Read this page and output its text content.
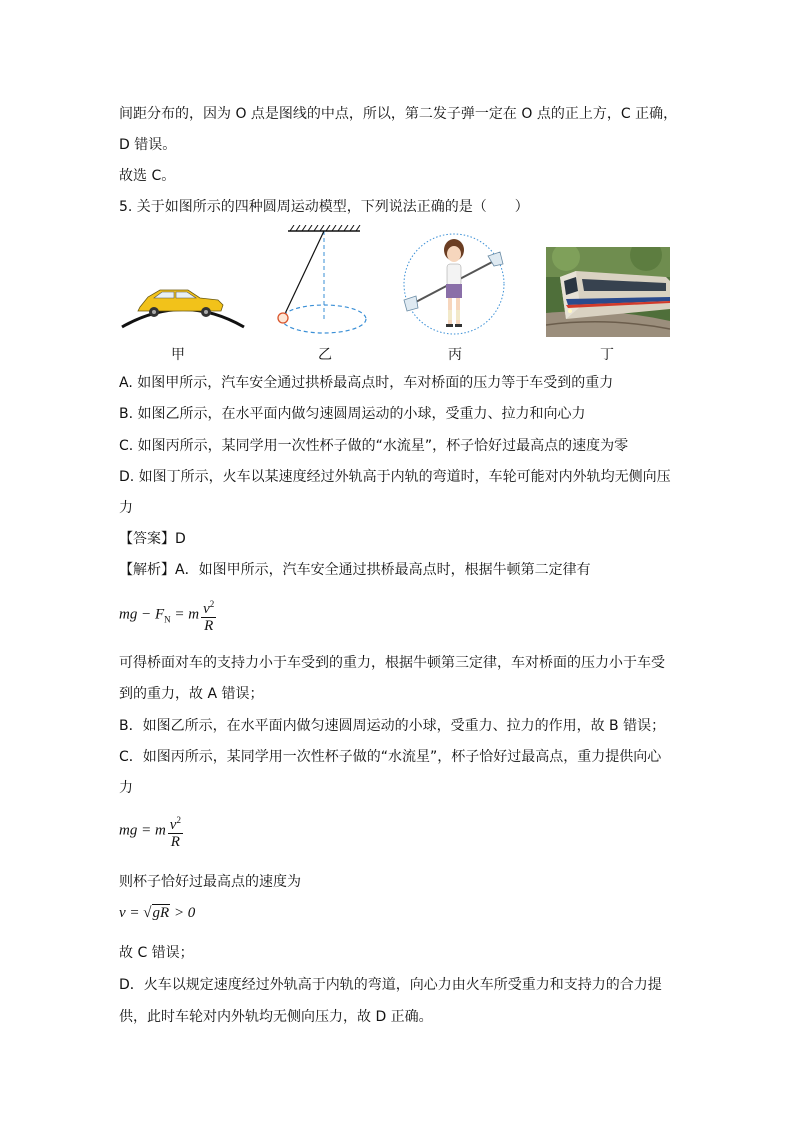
间距分布的，因为 O 点是图线的中点，所以，第二发子弹一定在 O 点的正上方，C 正确，
D 错误。
故选 C。
5. 关于如图所示的四种圆周运动模型，下列说法正确的是（　　）
甲	乙	丙	丁
A. 如图甲所示，汽车安全通过拱桥最高点时，车对桥面的压力等于车受到的重力
B. 如图乙所示，在水平面内做匀速圆周运动的小球，受重力、拉力和向心力
C. 如图丙所示，某同学用一次性杯子做的“水流星”，杯子恰好过最高点的速度为零
D. 如图丁所示，火车以某速度经过外轨高于内轨的弯道时，车轮可能对内外轨均无侧向压
力
【答案】D
【解析】A．如图甲所示，汽车安全通过拱桥最高点时，根据牛顿第二定律有
mg − $F_N = m \frac{v^2}{R}$
可得桥面对车的支持力小于车受到的重力，根据牛顿第三定律，车对桥面的压力小于车受
到的重力，故 A 错误；
B．如图乙所示，在水平面内做匀速圆周运动的小球，受重力、拉力的作用，故 B 错误；
C．如图丙所示，某同学用一次性杯子做的“水流星”，杯子恰好过最高点，重力提供向心
力
mg = m $\frac{v^2}{R}$
则杯子恰好过最高点的速度为
v = √gR > 0
故 C 错误；
D．火车以规定速度经过外轨高于内轨的弯道，向心力由火车所受重力和支持力的合力提
供，此时车轮对内外轨均无侧向压力，故 D 正确。
